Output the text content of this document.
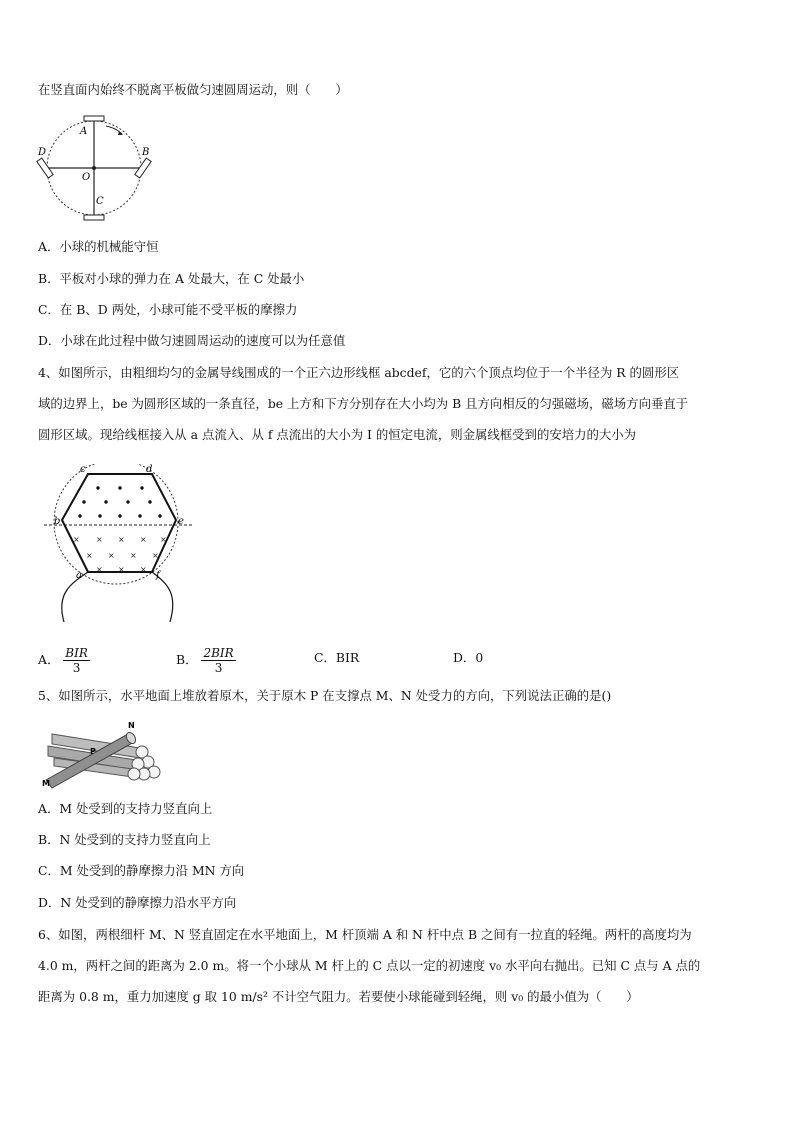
在竖直面内始终不脱离平板做匀速圆周运动，则（　　）
A
B
C
D
O
A．小球的机械能守恒
B．平板对小球的弹力在 A 处最大，在 C 处最小
C．在 B、D 两处，小球可能不受平板的摩擦力
D．小球在此过程中做匀速圆周运动的速度可以为任意值
4、如图所示，由粗细均匀的金属导线围成的一个正六边形线框 abcdef，它的六个顶点均位于一个半径为 R 的圆形区
域的边界上，be 为圆形区域的一条直径，be 上方和下方分别存在大小均为 B 且方向相反的匀强磁场，磁场方向垂直于
圆形区域。现给线框接入从 a 点流入、从 f 点流出的大小为 I 的恒定电流，则金属线框受到的安培力的大小为
× × × × ×
× × × ×
× × ×
c	d
b	e
a	f
A． $\frac{\text{BIR}}{3}$	B． $\frac{\text{2BIR}}{3}$	C．BIR	D．0
5、如图所示，水平地面上堆放着原木，关于原木 P 在支撑点 M、N 处受力的方向，下列说法正确的是()
M
N
P
A．M 处受到的支持力竖直向上
B．N 处受到的支持力竖直向上
C．M 处受到的静摩擦力沿 MN 方向
D．N 处受到的静摩擦力沿水平方向
6、如图，两根细杆 M、N 竖直固定在水平地面上，M 杆顶端 A 和 N 杆中点 B 之间有一拉直的轻绳。两杆的高度均为
4.0 m，两杆之间的距离为 2.0 m。将一个小球从 M 杆上的 C 点以一定的初速度 v₀ 水平向右抛出。已知 C 点与 A 点的
距离为 0.8 m，重力加速度 g 取 10 m/s² 不计空气阻力。若要使小球能碰到轻绳，则 v₀ 的最小值为（　　）
